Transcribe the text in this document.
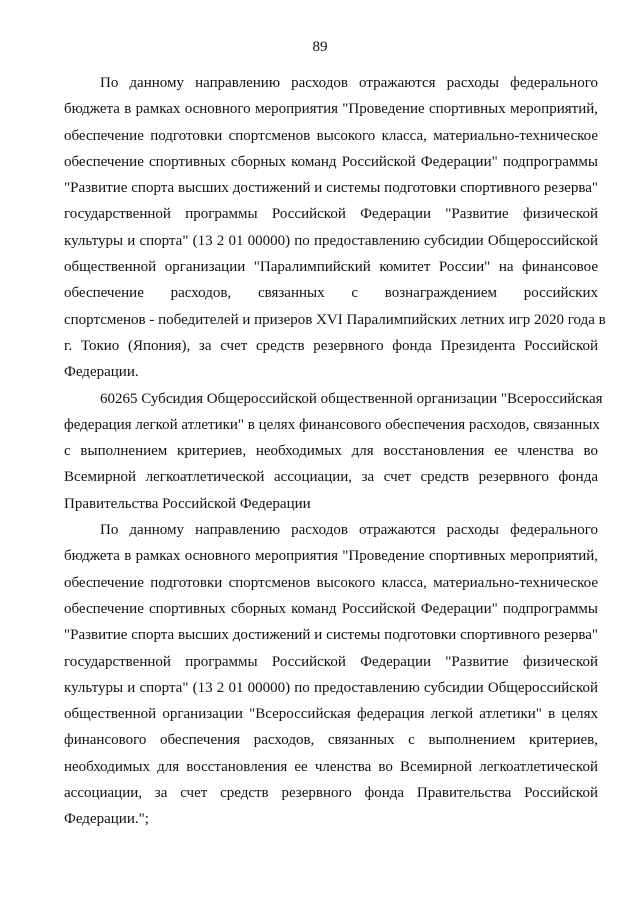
89
По данному направлению расходов отражаются расходы федерального
бюджета в рамках основного мероприятия "Проведение спортивных мероприятий,
обеспечение подготовки спортсменов высокого класса, материально-техническое
обеспечение спортивных сборных команд Российской Федерации" подпрограммы
"Развитие спорта высших достижений и системы подготовки спортивного резерва"
государственной программы Российской Федерации "Развитие физической
культуры и спорта" (13 2 01 00000) по предоставлению субсидии Общероссийской
общественной организации "Паралимпийский комитет России" на финансовое
обеспечение расходов, связанных с вознаграждением российских
спортсменов - победителей и призеров XVI Паралимпийских летних игр 2020 года в
г. Токио (Япония), за счет средств резервного фонда Президента Российской
Федерации.
60265 Субсидия Общероссийской общественной организации "Всероссийская
федерация легкой атлетики" в целях финансового обеспечения расходов, связанных
с выполнением критериев, необходимых для восстановления ее членства во
Всемирной легкоатлетической ассоциации, за счет средств резервного фонда
Правительства Российской Федерации
По данному направлению расходов отражаются расходы федерального
бюджета в рамках основного мероприятия "Проведение спортивных мероприятий,
обеспечение подготовки спортсменов высокого класса, материально-техническое
обеспечение спортивных сборных команд Российской Федерации" подпрограммы
"Развитие спорта высших достижений и системы подготовки спортивного резерва"
государственной программы Российской Федерации "Развитие физической
культуры и спорта" (13 2 01 00000) по предоставлению субсидии Общероссийской
общественной организации "Всероссийская федерация легкой атлетики" в целях
финансового обеспечения расходов, связанных с выполнением критериев,
необходимых для восстановления ее членства во Всемирной легкоатлетической
ассоциации, за счет средств резервного фонда Правительства Российской
Федерации.";
